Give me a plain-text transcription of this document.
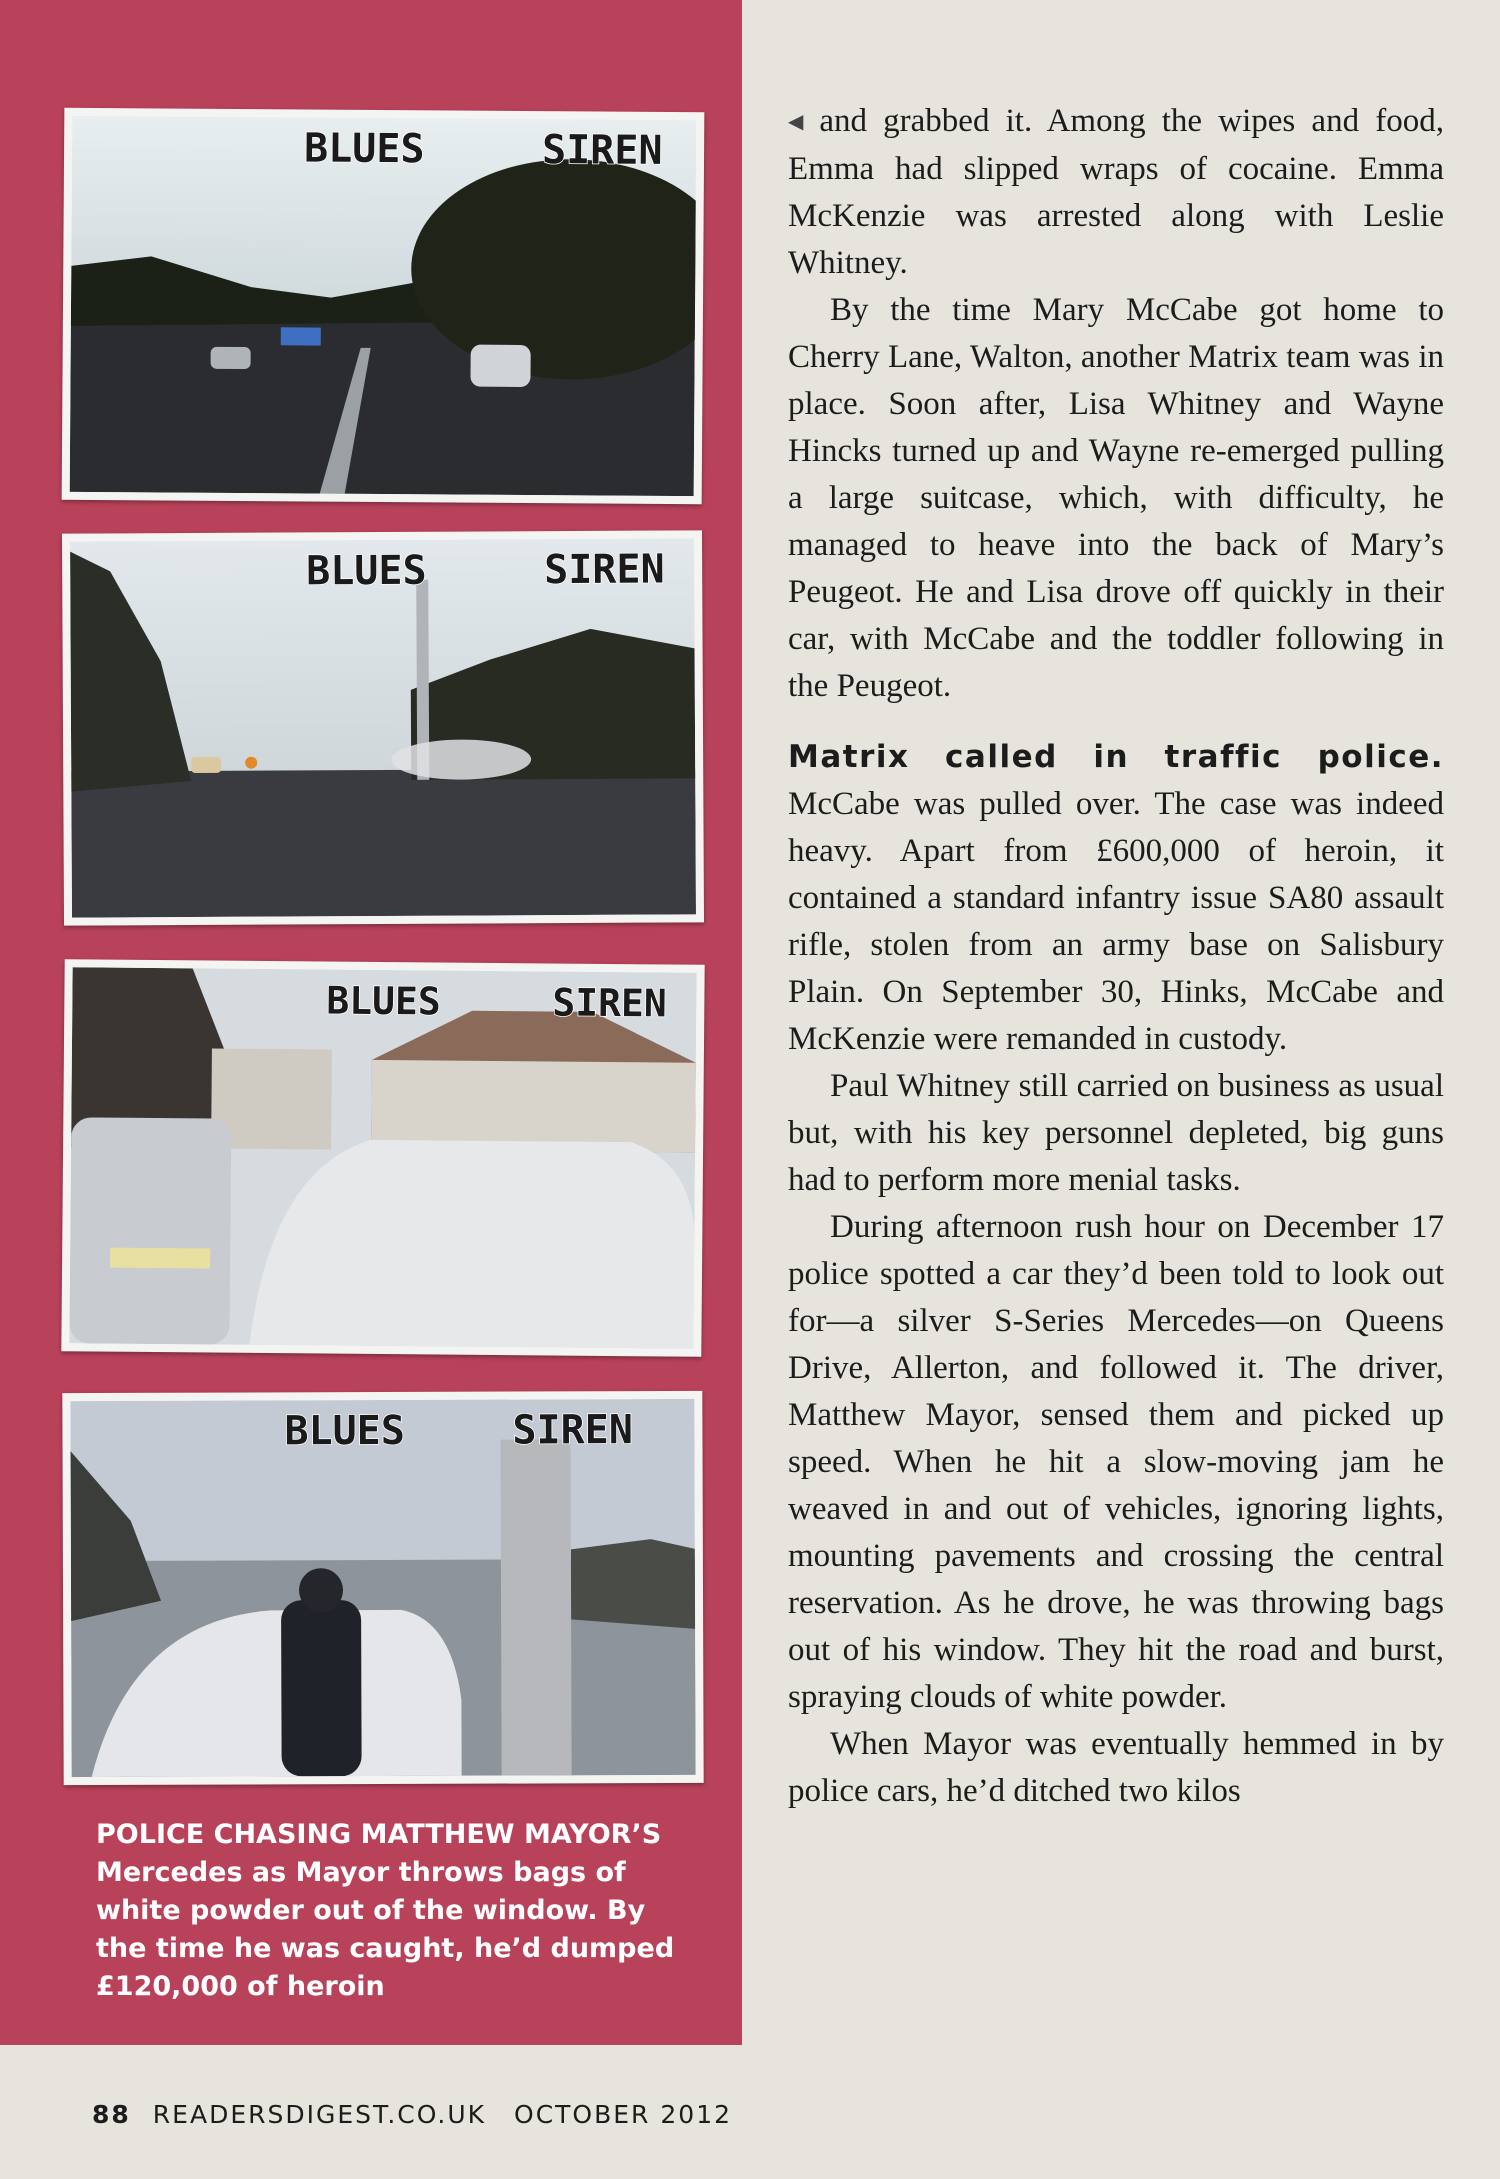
BLUES	SIREN
BLUES	SIREN
BLUES	SIREN
BLUES	SIREN

POLICE CHASING MATTHEW MAYOR’S Mercedes as Mayor throws bags of white powder out of the window. By the time he was caught, he’d dumped £120,000 of heroin

◀ and grabbed it. Among the wipes and food, Emma had slipped wraps of cocaine. Emma McKenzie was arrested along with Leslie Whitney.

By the time Mary McCabe got home to Cherry Lane, Walton, another Matrix team was in place. Soon after, Lisa Whitney and Wayne Hincks turned up and Wayne re-emerged pulling a large suitcase, which, with difficulty, he managed to heave into the back of Mary’s Peugeot. He and Lisa drove off quickly in their car, with McCabe and the toddler following in the Peugeot.

Matrix called in traffic police. McCabe was pulled over. The case was indeed heavy. Apart from £600,000 of heroin, it contained a standard infantry issue SA80 assault rifle, stolen from an army base on Salisbury Plain. On September 30, Hinks, McCabe and McKenzie were remanded in custody.

Paul Whitney still carried on business as usual but, with his key personnel depleted, big guns had to perform more menial tasks.

During afternoon rush hour on December 17 police spotted a car they’d been told to look out for—a silver S-Series Mercedes—on Queens Drive, Allerton, and followed it. The driver, Matthew Mayor, sensed them and picked up speed. When he hit a slow-moving jam he weaved in and out of vehicles, ignoring lights, mounting pavements and crossing the central reservation. As he drove, he was throwing bags out of his window. They hit the road and burst, spraying clouds of white powder.

When Mayor was eventually hemmed in by police cars, he’d ditched two kilos

88 READERSDIGEST.CO.UK OCTOBER 2012
